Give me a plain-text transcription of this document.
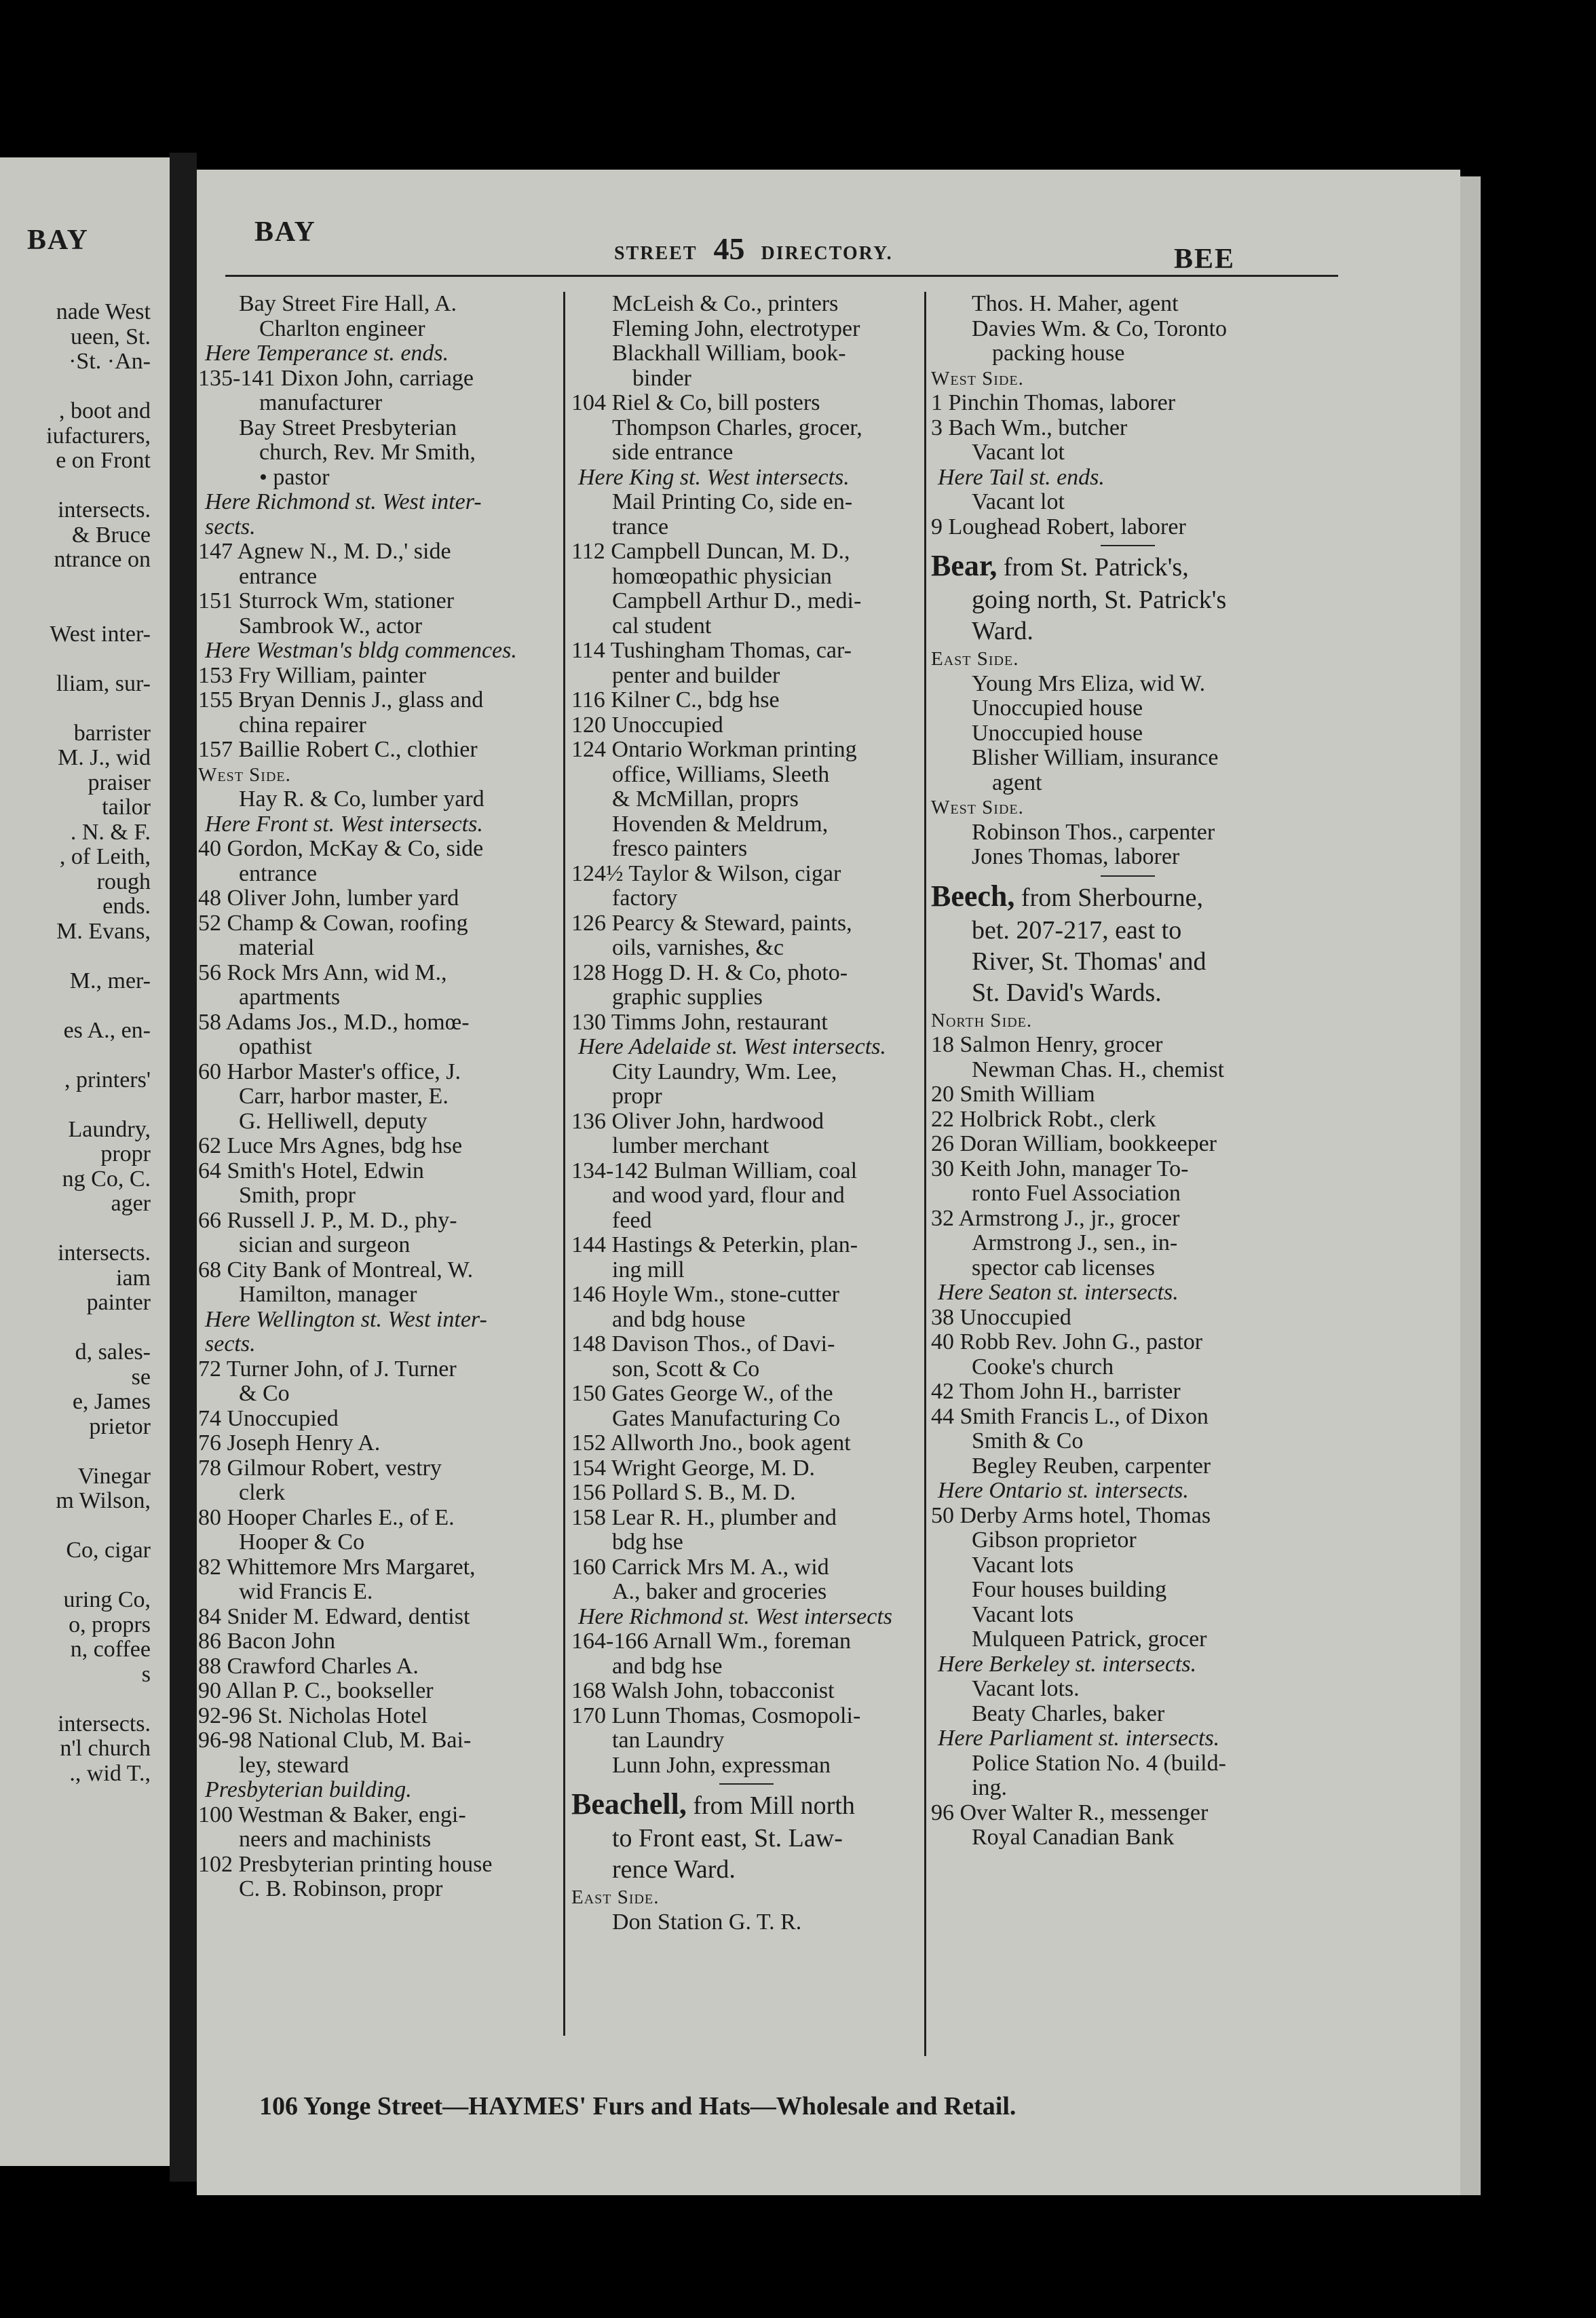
BAY
nade West
ueen, St.
·St. ·An-

, boot and
iufacturers,
e on Front

intersects.
& Bruce
ntrance on

West inter-

lliam, sur-

barrister
M. J., wid
praiser
tailor
. N. & F.
, of Leith,
rough
ends.
M. Evans,

M., mer-

es A., en-

, printers'

Laundry,
propr
ng Co, C.
ager

intersects.
iam
painter

d, sales-
se
e, James
prietor

Vinegar
m Wilson,

Co, cigar

uring Co,
o, proprs
n, coffee
s

intersects.
n'l church
., wid T.,
BAY
STREET 45 DIRECTORY.	BEE
Bay Street Fire Hall, A.
Charlton engineer
Here Temperance st. ends.
135-141 Dixon John, carriage
manufacturer
Bay Street Presbyterian
church, Rev. Mr Smith,
• pastor
Here Richmond st. West inter-
sects.
147 Agnew N., M. D.,' side
entrance
151 Sturrock Wm, stationer
Sambrook W., actor
Here Westman's bldg commences.
153 Fry William, painter
155 Bryan Dennis J., glass and
china repairer
157 Baillie Robert C., clothier
West Side.
Hay R. & Co, lumber yard
Here Front st. West intersects.
40 Gordon, McKay & Co, side
entrance
48 Oliver John, lumber yard
52 Champ & Cowan, roofing
material
56 Rock Mrs Ann, wid M.,
apartments
58 Adams Jos., M.D., homœ-
opathist
60 Harbor Master's office, J.
Carr, harbor master, E.
G. Helliwell, deputy
62 Luce Mrs Agnes, bdg hse
64 Smith's Hotel, Edwin
Smith, propr
66 Russell J. P., M. D., phy-
sician and surgeon
68 City Bank of Montreal, W.
Hamilton, manager
Here Wellington st. West inter-
sects.
72 Turner John, of J. Turner
& Co
74 Unoccupied
76 Joseph Henry A.
78 Gilmour Robert, vestry
clerk
80 Hooper Charles E., of E.
Hooper & Co
82 Whittemore Mrs Margaret,
wid Francis E.
84 Snider M. Edward, dentist
86 Bacon John
88 Crawford Charles A.
90 Allan P. C., bookseller
92-96 St. Nicholas Hotel
96-98 National Club, M. Bai-
ley, steward
Presbyterian building.
100 Westman & Baker, engi-
neers and machinists
102 Presbyterian printing house
C. B. Robinson, propr
McLeish & Co., printers
Fleming John, electrotyper
Blackhall William, book-
binder
104 Riel & Co, bill posters
Thompson Charles, grocer,
side entrance
Here King st. West intersects.
Mail Printing Co, side en-
trance
112 Campbell Duncan, M. D.,
homœopathic physician
Campbell Arthur D., medi-
cal student
114 Tushingham Thomas, car-
penter and builder
116 Kilner C., bdg hse
120 Unoccupied
124 Ontario Workman printing
office, Williams, Sleeth
& McMillan, proprs
Hovenden & Meldrum,
fresco painters
124½ Taylor & Wilson, cigar
factory
126 Pearcy & Steward, paints,
oils, varnishes, &c
128 Hogg D. H. & Co, photo-
graphic supplies
130 Timms John, restaurant
Here Adelaide st. West intersects.
City Laundry, Wm. Lee,
propr
136 Oliver John, hardwood
lumber merchant
134-142 Bulman William, coal
and wood yard, flour and
feed
144 Hastings & Peterkin, plan-
ing mill
146 Hoyle Wm., stone-cutter
and bdg house
148 Davison Thos., of Davi-
son, Scott & Co
150 Gates George W., of the
Gates Manufacturing Co
152 Allworth Jno., book agent
154 Wright George, M. D.
156 Pollard S. B., M. D.
158 Lear R. H., plumber and
bdg hse
160 Carrick Mrs M. A., wid
A., baker and groceries
Here Richmond st. West intersects
164-166 Arnall Wm., foreman
and bdg hse
168 Walsh John, tobacconist
170 Lunn Thomas, Cosmopoli-
tan Laundry
Lunn John, expressman
Beachell, from Mill north
to Front east, St. Law-
rence Ward.
East Side.
Don Station G. T. R.
Thos. H. Maher, agent
Davies Wm. & Co, Toronto
packing house
West Side.
1 Pinchin Thomas, laborer
3 Bach Wm., butcher
Vacant lot
Here Tail st. ends.
Vacant lot
9 Loughead Robert, laborer
Bear, from St. Patrick's,
going north, St. Patrick's
Ward.
East Side.
Young Mrs Eliza, wid W.
Unoccupied house
Unoccupied house
Blisher William, insurance
agent
West Side.
Robinson Thos., carpenter
Jones Thomas, laborer
Beech, from Sherbourne,
bet. 207-217, east to
River, St. Thomas' and
St. David's Wards.
North Side.
18 Salmon Henry, grocer
Newman Chas. H., chemist
20 Smith William
22 Holbrick Robt., clerk
26 Doran William, bookkeeper
30 Keith John, manager To-
ronto Fuel Association
32 Armstrong J., jr., grocer
Armstrong J., sen., in-
spector cab licenses
Here Seaton st. intersects.
38 Unoccupied
40 Robb Rev. John G., pastor
Cooke's church
42 Thom John H., barrister
44 Smith Francis L., of Dixon
Smith & Co
Begley Reuben, carpenter
Here Ontario st. intersects.
50 Derby Arms hotel, Thomas
Gibson proprietor
Vacant lots
Four houses building
Vacant lots
Mulqueen Patrick, grocer
Here Berkeley st. intersects.
Vacant lots.
Beaty Charles, baker
Here Parliament st. intersects.
Police Station No. 4 (build-
ing.
96 Over Walter R., messenger
Royal Canadian Bank
106 Yonge Street—HAYMES' Furs and Hats—Wholesale and Retail.
